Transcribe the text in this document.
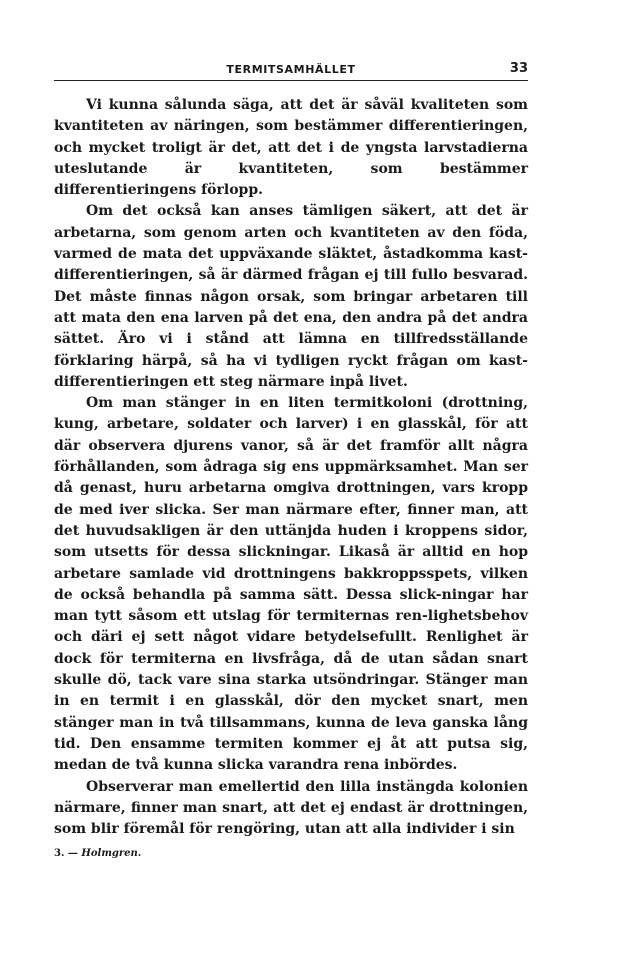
TERMITSAMHÄLLET	33

Vi kunna sålunda säga, att det är såväl kvaliteten som kvantiteten av näringen, som bestämmer differentieringen, och mycket troligt är det, att det i de yngsta larvstadierna uteslutande är kvantiteten, som bestämmer differentieringens förlopp.

Om det också kan anses tämligen säkert, att det är arbetarna, som genom arten och kvantiteten av den föda, varmed de mata det uppväxande släktet, åstadkomma kast-differentieringen, så är därmed frågan ej till fullo besvarad. Det måste finnas någon orsak, som bringar arbetaren till att mata den ena larven på det ena, den andra på det andra sättet. Äro vi i stånd att lämna en tillfredsställande förklaring härpå, så ha vi tydligen ryckt frågan om kast-differentieringen ett steg närmare inpå livet.

Om man stänger in en liten termitkoloni (drottning, kung, arbetare, soldater och larver) i en glasskål, för att där observera djurens vanor, så är det framför allt några förhållanden, som ådraga sig ens uppmärksamhet. Man ser då genast, huru arbetarna omgiva drottningen, vars kropp de med iver slicka. Ser man närmare efter, finner man, att det huvudsakligen är den uttänjda huden i kroppens sidor, som utsetts för dessa slickningar. Likaså är alltid en hop arbetare samlade vid drottningens bakkroppsspets, vilken de också behandla på samma sätt. Dessa slick-ningar har man tytt såsom ett utslag för termiternas ren-lighetsbehov och däri ej sett något vidare betydelsefullt. Renlighet är dock för termiterna en livsfråga, då de utan sådan snart skulle dö, tack vare sina starka utsöndringar. Stänger man in en termit i en glasskål, dör den mycket snart, men stänger man in två tillsammans, kunna de leva ganska lång tid. Den ensamme termiten kommer ej åt att putsa sig, medan de två kunna slicka varandra rena inbördes.

Observerar man emellertid den lilla instängda kolonien närmare, finner man snart, att det ej endast är drottningen, som blir föremål för rengöring, utan att alla individer i sin

3. — Holmgren.
